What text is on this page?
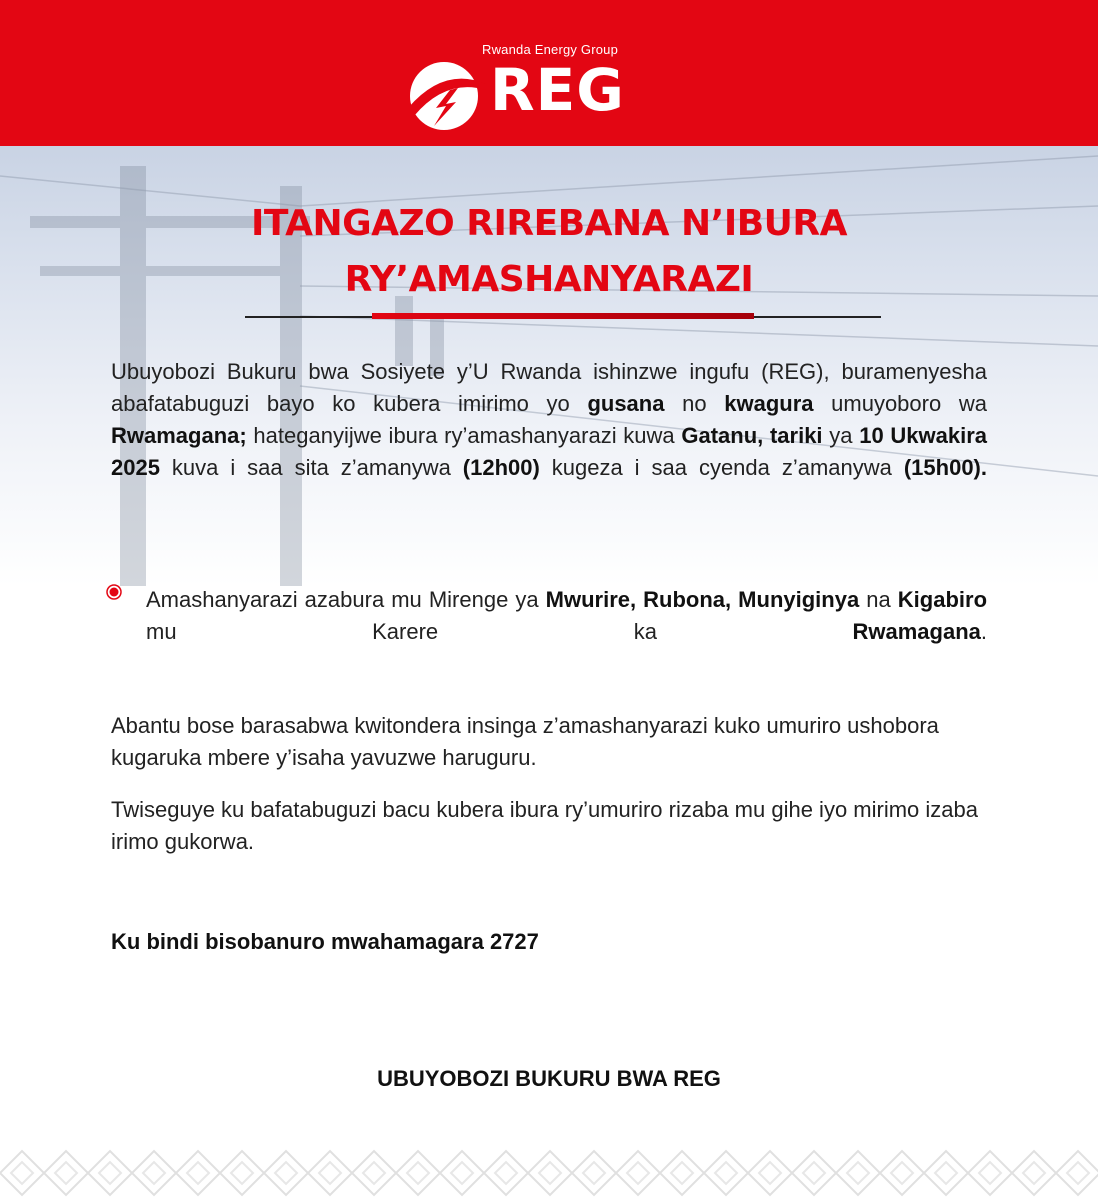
Rwanda Energy Group
REG
ITANGAZO RIREBANA N’IBURA
RY’AMASHANYARAZI

Ubuyobozi Bukuru bwa Sosiyete y’U Rwanda ishinzwe ingufu (REG), buramenyesha abafatabuguzi bayo ko kubera imirimo yo gusana no kwagura umuyoboro wa Rwamagana; hateganyijwe ibura ry’amashanyarazi kuwa Gatanu, tariki ya 10 Ukwakira 2025 kuva i saa sita z’amanywa (12h00) kugeza i saa cyenda z’amanywa (15h00).

Amashanyarazi azabura mu Mirenge ya Mwurire, Rubona, Munyiginya na Kigabiro mu Karere ka Rwamagana.

Abantu bose barasabwa kwitondera insinga z’amashanyarazi kuko umuriro ushobora kugaruka mbere y’isaha yavuzwe haruguru.

Twiseguye ku bafatabuguzi bacu kubera ibura ry’umuriro rizaba mu gihe iyo mirimo izaba irimo gukorwa.

Ku bindi bisobanuro mwahamagara 2727

UBUYOBOZI BUKURU BWA REG
